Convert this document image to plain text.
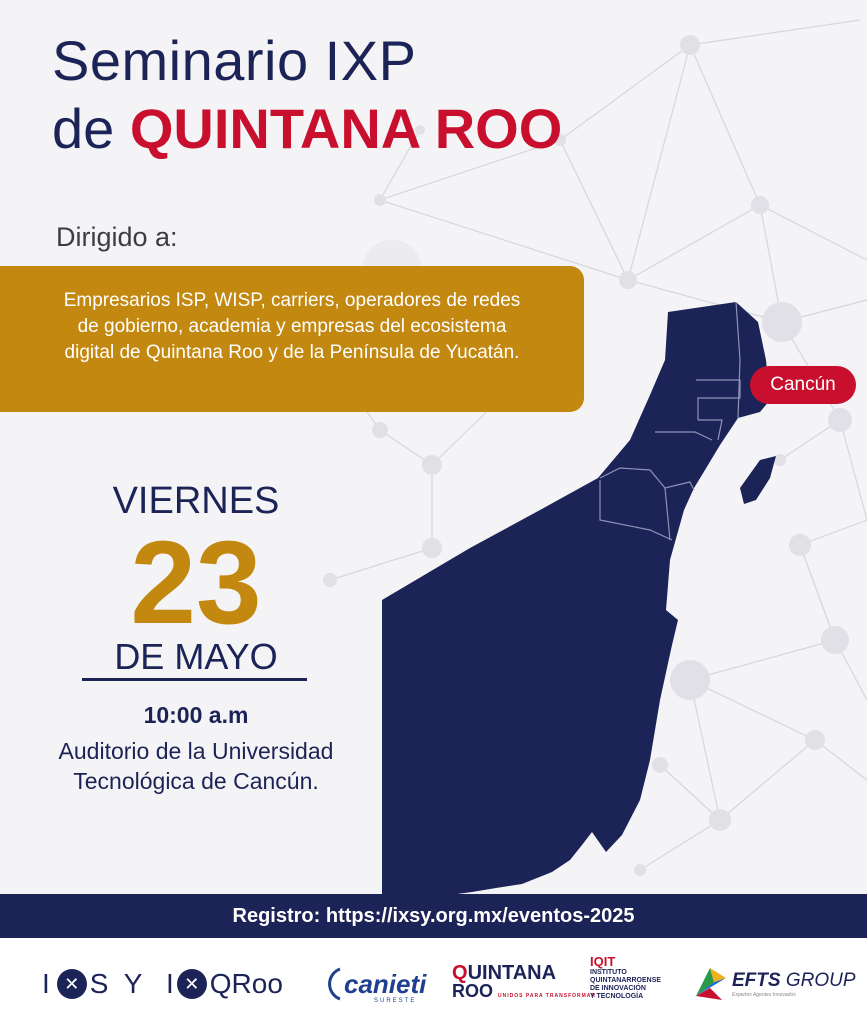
Seminario IXP
de QUINTANA ROO
Dirigido a:
Empresarios ISP, WISP, carriers, operadores de redes de gobierno, academia y empresas del ecosistema digital de Quintana Roo y de la Península de Yucatán.
VIERNES
23
DE MAYO
10:00 a.m
Auditorio de la Universidad
Tecnológica de Cancún.
Cancún
Registro: https://ixsy.org.mx/eventos-2025
I ✕ S Y I ✕ QRoo canieti
SURESTE
QUINTANA
ROO UNIDOS PARA TRANSFORMAR
IQIT
INSTITUTO
QUINTANARROENSE
DE INNOVACIÓN
Y TECNOLOGÍA
EFTS GROUP
Expertos Agentes Innovados
